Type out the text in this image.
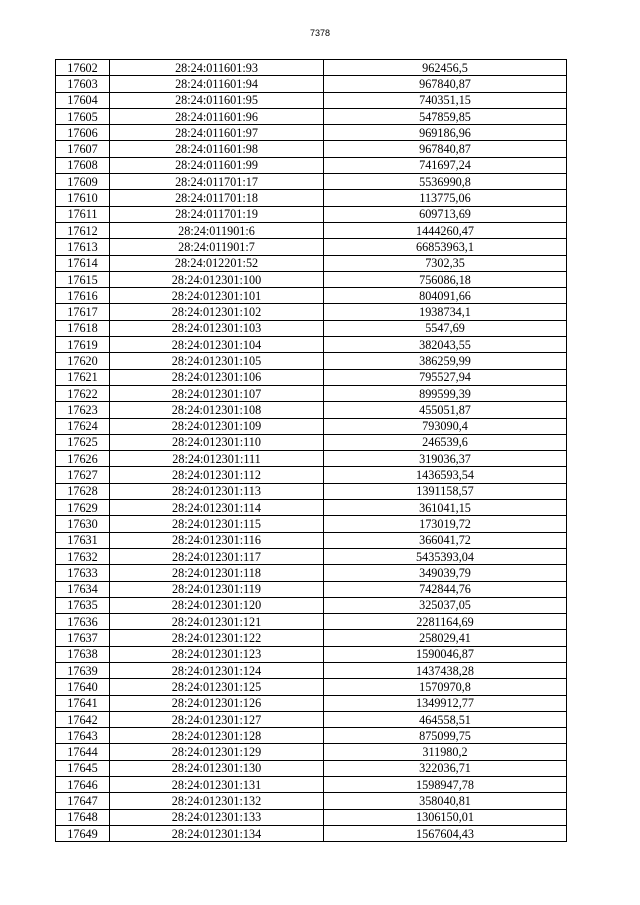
7378
17602	28:24:011601:93	962456,5
17603	28:24:011601:94	967840,87
17604	28:24:011601:95	740351,15
17605	28:24:011601:96	547859,85
17606	28:24:011601:97	969186,96
17607	28:24:011601:98	967840,87
17608	28:24:011601:99	741697,24
17609	28:24:011701:17	5536990,8
17610	28:24:011701:18	113775,06
17611	28:24:011701:19	609713,69
17612	28:24:011901:6	1444260,47
17613	28:24:011901:7	66853963,1
17614	28:24:012201:52	7302,35
17615	28:24:012301:100	756086,18
17616	28:24:012301:101	804091,66
17617	28:24:012301:102	1938734,1
17618	28:24:012301:103	5547,69
17619	28:24:012301:104	382043,55
17620	28:24:012301:105	386259,99
17621	28:24:012301:106	795527,94
17622	28:24:012301:107	899599,39
17623	28:24:012301:108	455051,87
17624	28:24:012301:109	793090,4
17625	28:24:012301:110	246539,6
17626	28:24:012301:111	319036,37
17627	28:24:012301:112	1436593,54
17628	28:24:012301:113	1391158,57
17629	28:24:012301:114	361041,15
17630	28:24:012301:115	173019,72
17631	28:24:012301:116	366041,72
17632	28:24:012301:117	5435393,04
17633	28:24:012301:118	349039,79
17634	28:24:012301:119	742844,76
17635	28:24:012301:120	325037,05
17636	28:24:012301:121	2281164,69
17637	28:24:012301:122	258029,41
17638	28:24:012301:123	1590046,87
17639	28:24:012301:124	1437438,28
17640	28:24:012301:125	1570970,8
17641	28:24:012301:126	1349912,77
17642	28:24:012301:127	464558,51
17643	28:24:012301:128	875099,75
17644	28:24:012301:129	311980,2
17645	28:24:012301:130	322036,71
17646	28:24:012301:131	1598947,78
17647	28:24:012301:132	358040,81
17648	28:24:012301:133	1306150,01
17649	28:24:012301:134	1567604,43
